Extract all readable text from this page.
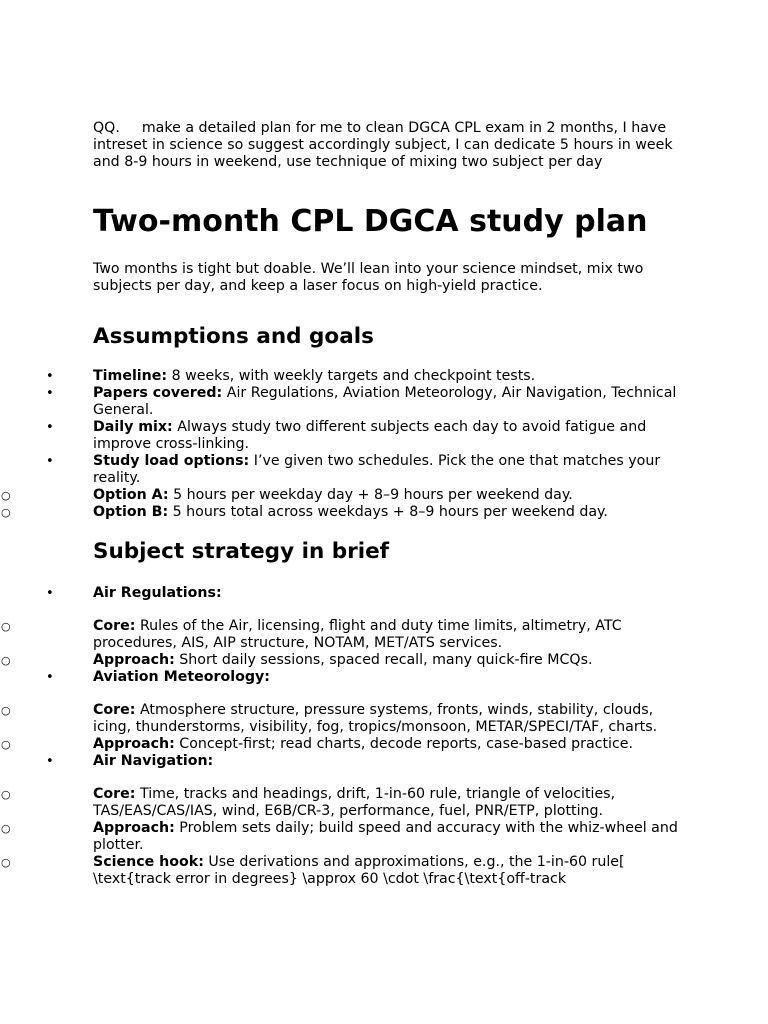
QQ. make a detailed plan for me to clean DGCA CPL exam in 2 months, I have intreset in science so suggest accordingly subject, I can dedicate 5 hours in week and 8-9 hours in weekend, use technique of mixing two subject per day

Two-month CPL DGCA study plan

Two months is tight but doable. We’ll lean into your science mindset, mix two subjects per day, and keep a laser focus on high-yield practice.

Assumptions and goals
•	Timeline: 8 weeks, with weekly targets and checkpoint tests.
•	Papers covered: Air Regulations, Aviation Meteorology, Air Navigation, Technical General.
•	Daily mix: Always study two different subjects each day to avoid fatigue and improve cross-linking.
•	Study load options: I’ve given two schedules. Pick the one that matches your reality.
○	Option A: 5 hours per weekday day + 8–9 hours per weekend day.
○	Option B: 5 hours total across weekdays + 8–9 hours per weekend day.
Subject strategy in brief
•	Air Regulations:
○	Core: Rules of the Air, licensing, flight and duty time limits, altimetry, ATC procedures, AIS, AIP structure, NOTAM, MET/ATS services.
○	Approach: Short daily sessions, spaced recall, many quick-fire MCQs.
•	Aviation Meteorology:
○	Core: Atmosphere structure, pressure systems, fronts, winds, stability, clouds, icing, thunderstorms, visibility, fog, tropics/monsoon, METAR/SPECI/TAF, charts.
○	Approach: Concept-first; read charts, decode reports, case-based practice.
•	Air Navigation:
○	Core: Time, tracks and headings, drift, 1-in-60 rule, triangle of velocities, TAS/EAS/CAS/IAS, wind, E6B/CR-3, performance, fuel, PNR/ETP, plotting.
○	Approach: Problem sets daily; build speed and accuracy with the whiz-wheel and plotter.
○	Science hook: Use derivations and approximations, e.g., the 1-in-60 rule[ \text{track error in degrees} \approx 60 \cdot \frac{\text{off-track
